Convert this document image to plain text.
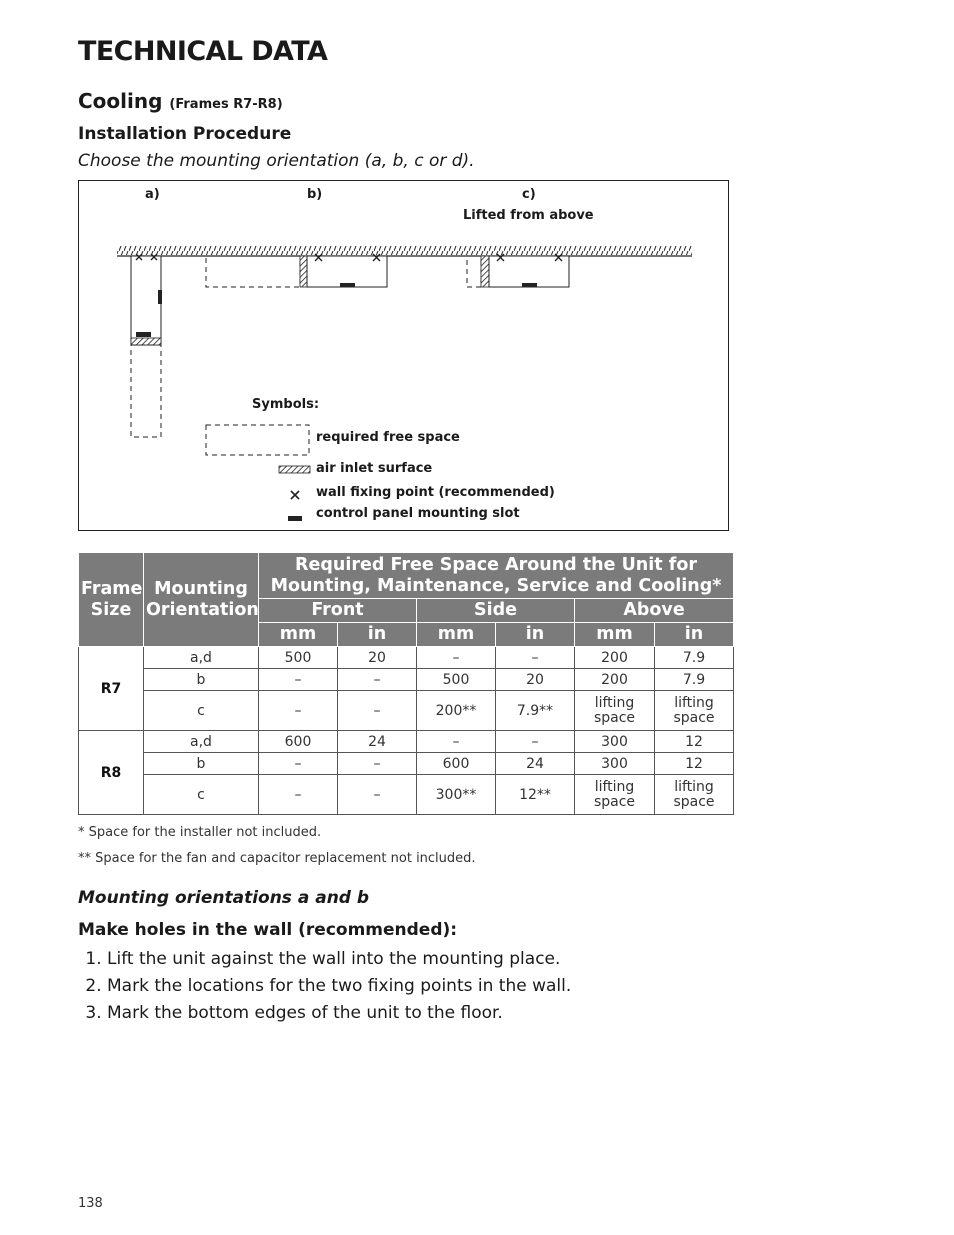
TECHNICAL DATA
Cooling (Frames R7-R8)
Installation Procedure
Choose the mounting orientation (a, b, c or d).
a)	b)	c)
Lifted from above
Symbols:
required free space
air inlet surface
wall fixing point (recommended)
control panel mounting slot
Frame Size	Mounting Orientation	Required Free Space Around the Unit for Mounting, Maintenance, Service and Cooling*					
		Front		Side		Above	
		mm	in	mm	in	mm	in
R7	a,d	500	20	–	–	200	7.9
	b	–	–	500	20	200	7.9
	c	–	–	200**	7.9**	lifting space	lifting space
R8	a,d	600	24	–	–	300	12
	b	–	–	600	24	300	12
	c	–	–	300**	12**	lifting space	lifting space
* Space for the installer not included.
** Space for the fan and capacitor replacement not included.
Mounting orientations a and b
Make holes in the wall (recommended):
1. Lift the unit against the wall into the mounting place.
2. Mark the locations for the two fixing points in the wall.
3. Mark the bottom edges of the unit to the floor.
138
